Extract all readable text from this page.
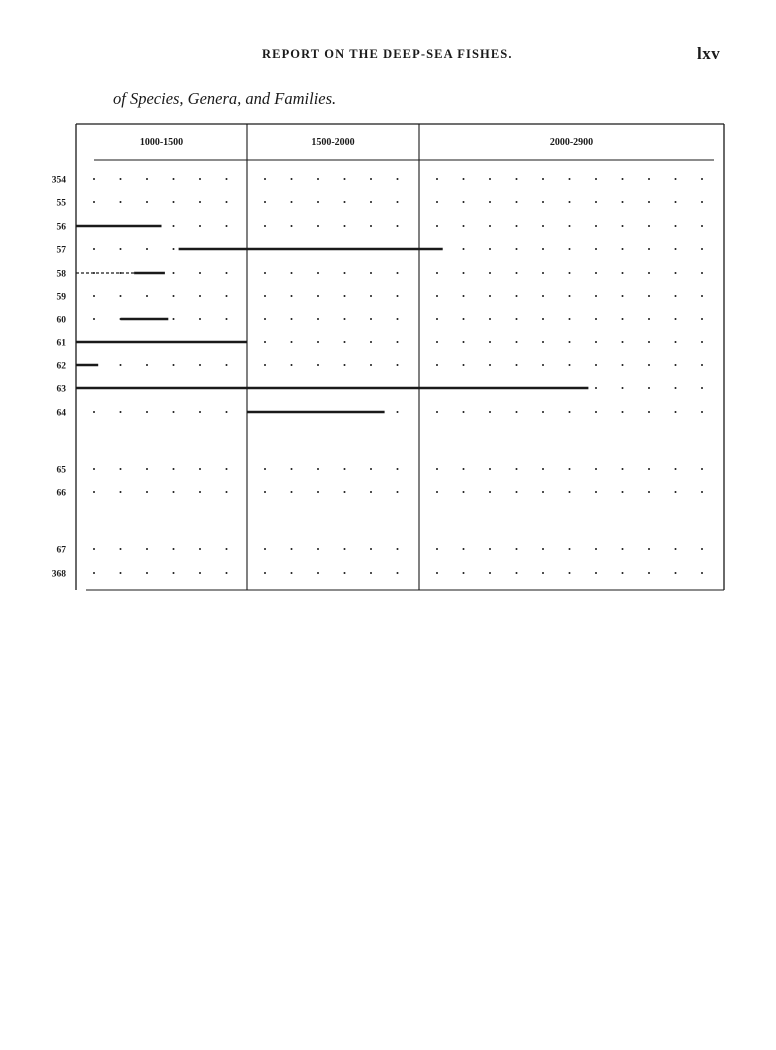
REPORT ON THE DEEP-SEA FISHES.	lxv
of Species, Genera, and Families.
1000-1500	1500-2000	2000-2900
354
55
56
57
58
59
60
61
62
63
64
65
66
67
368
